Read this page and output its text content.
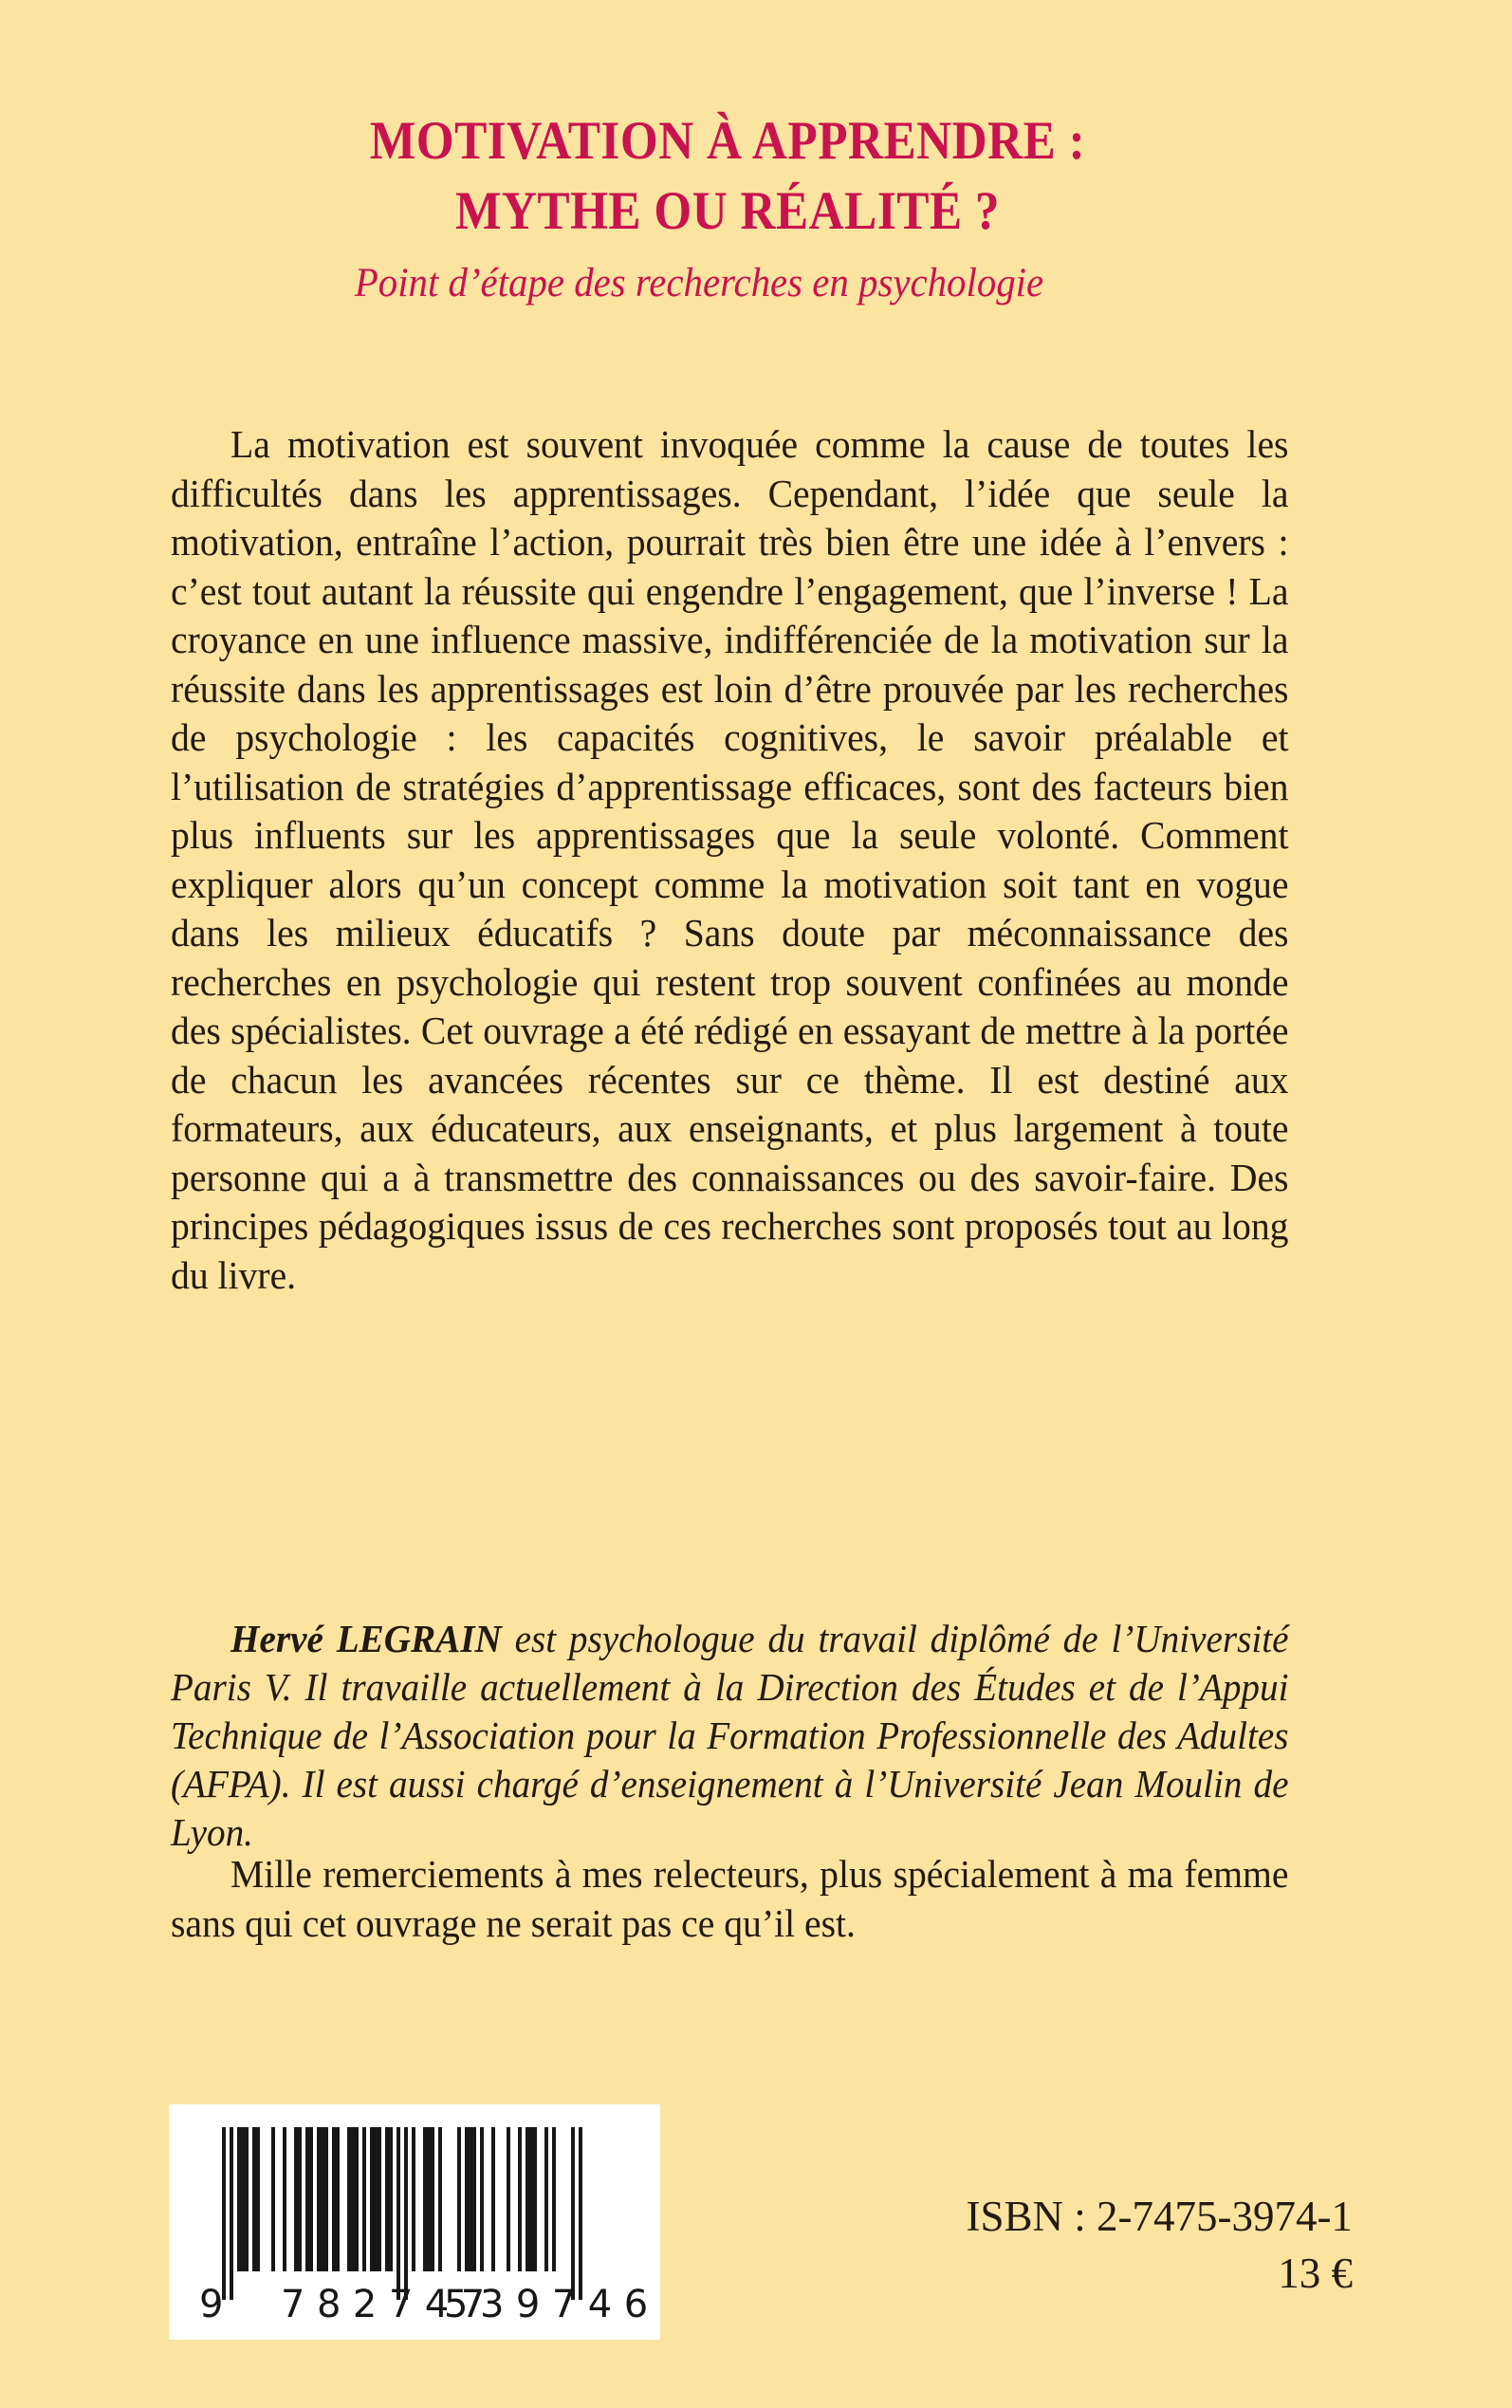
MOTIVATION À APPRENDRE :
MYTHE OU RÉALITÉ ?
Point d’étape des recherches en psychologie
La motivation est souvent invoquée comme la cause de toutes les difficultés dans les apprentissages. Cependant, l’idée que seule la motivation, entraîne l’action, pourrait très bien être une idée à l’envers : c’est tout autant la réussite qui engendre l’engagement, que l’inverse ! La croyance en une influence massive, indifférenciée de la motivation sur la réussite dans les apprentissages est loin d’être prouvée par les recherches de psychologie : les capacités cognitives, le savoir préalable et l’utilisation de stratégies d’apprentissage efficaces, sont des facteurs bien plus influents sur les apprentissages que la seule volonté. Comment expliquer alors qu’un concept comme la motivation soit tant en vogue dans les milieux éducatifs ? Sans doute par méconnaissance des recherches en psychologie qui restent trop souvent confinées au monde des spécialistes. Cet ouvrage a été rédigé en essayant de mettre à la portée de chacun les avancées récentes sur ce thème. Il est destiné aux formateurs, aux éducateurs, aux enseignants, et plus largement à toute personne qui a à transmettre des connaissances ou des savoir-faire. Des principes pédagogiques issus de ces recherches sont proposés tout au long du livre.
Hervé LEGRAIN est psychologue du travail diplômé de l’Université Paris V. Il travaille actuellement à la Direction des Études et de l’Appui Technique de l’Association pour la Formation Professionnelle des Adultes (AFPA). Il est aussi chargé d’enseignement à l’Université Jean Moulin de Lyon.
Mille remerciements à mes relecteurs, plus spécialement à ma femme sans qui cet ouvrage ne serait pas ce qu’il est.
9 782747
539746
ISBN : 2-7475-3974-1
13 €
